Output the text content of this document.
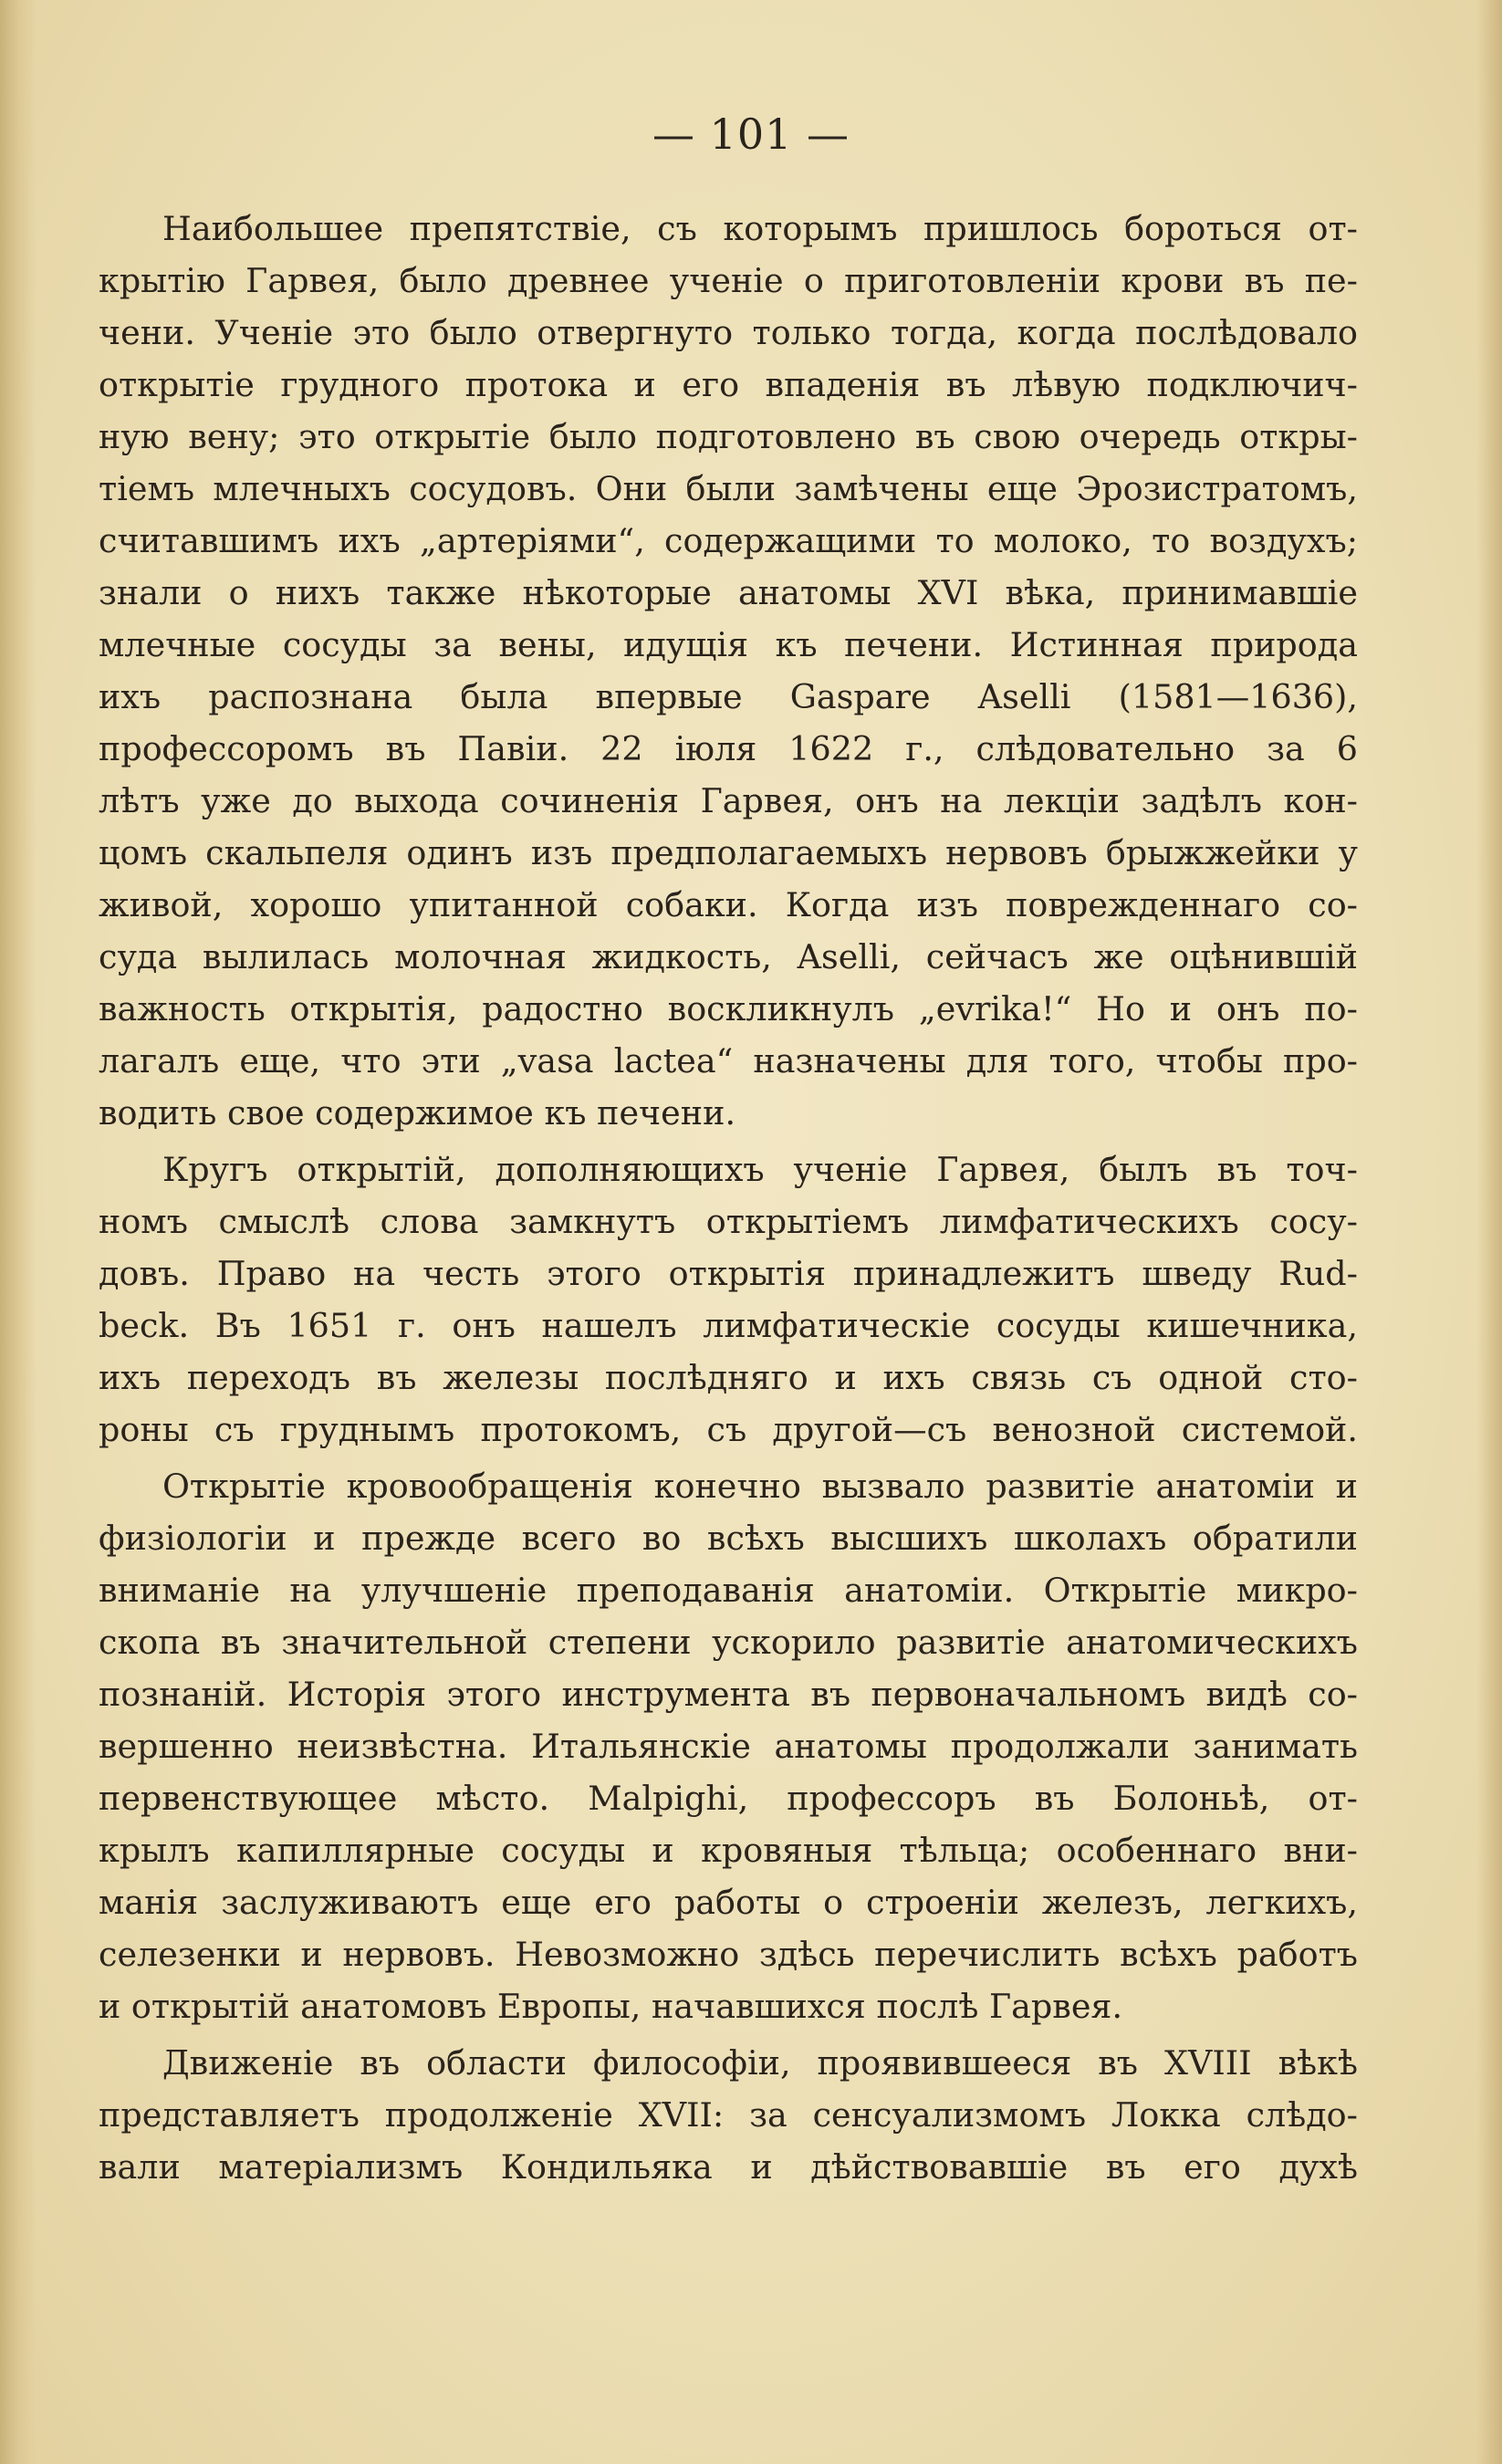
— 101 —
Наибольшее препятствіе, съ которымъ пришлось бороться от-
крытію Гарвея, было древнее ученіе о приготовленіи крови въ пе-
чени. Ученіе это было отвергнуто только тогда, когда послѣдовало
открытіе грудного протока и его впаденія въ лѣвую подключич-
ную вену; это открытіе было подготовлено въ свою очередь откры-
тіемъ млечныхъ сосудовъ. Они были замѣчены еще Эрозистратомъ,
считавшимъ ихъ „артеріями“, содержащими то молоко, то воздухъ;
знали о нихъ также нѣкоторые анатомы XVI вѣка, принимавшіе
млечные сосуды за вены, идущія къ печени. Истинная природа
ихъ распознана была впервые Gaspare Aselli (1581—1636),
профессоромъ въ Павіи. 22 іюля 1622 г., слѣдовательно за 6
лѣтъ уже до выхода сочиненія Гарвея, онъ на лекціи задѣлъ кон-
цомъ скальпеля одинъ изъ предполагаемыхъ нервовъ брыжжейки у
живой, хорошо упитанной собаки. Когда изъ поврежденнаго со-
суда вылилась молочная жидкость, Aselli, сейчасъ же оцѣнившій
важность открытія, радостно воскликнулъ „evrika!“ Но и онъ по-
лагалъ еще, что эти „vasa lactea“ назначены для того, чтобы про-
водить свое содержимое къ печени.
Кругъ открытій, дополняющихъ ученіе Гарвея, былъ въ точ-
номъ смыслѣ слова замкнутъ открытіемъ лимфатическихъ сосу-
довъ. Право на честь этого открытія принадлежитъ шведу Rud-
beck. Въ 1651 г. онъ нашелъ лимфатическіе сосуды кишечника,
ихъ переходъ въ железы послѣдняго и ихъ связь съ одной сто-
роны съ груднымъ протокомъ, съ другой—съ венозной системой.
Открытіе кровообращенія конечно вызвало развитіе анатоміи и
физіологіи и прежде всего во всѣхъ высшихъ школахъ обратили
вниманіе на улучшеніе преподаванія анатоміи. Открытіе микро-
скопа въ значительной степени ускорило развитіе анатомическихъ
познаній. Исторія этого инструмента въ первоначальномъ видѣ со-
вершенно неизвѣстна. Итальянскіе анатомы продолжали занимать
первенствующее мѣсто. Malpighi, профессоръ въ Болоньѣ, от-
крылъ капиллярные сосуды и кровяныя тѣльца; особеннаго вни-
манія заслуживаютъ еще его работы о строеніи железъ, легкихъ,
селезенки и нервовъ. Невозможно здѣсь перечислить всѣхъ работъ
и открытій анатомовъ Европы, начавшихся послѣ Гарвея.
Движеніе въ области философіи, проявившееся въ XVIII вѣкѣ
представляетъ продолженіе XVII: за сенсуализмомъ Локка слѣдо-
вали матеріализмъ Кондильяка и дѣйствовавшіе въ его духѣ
